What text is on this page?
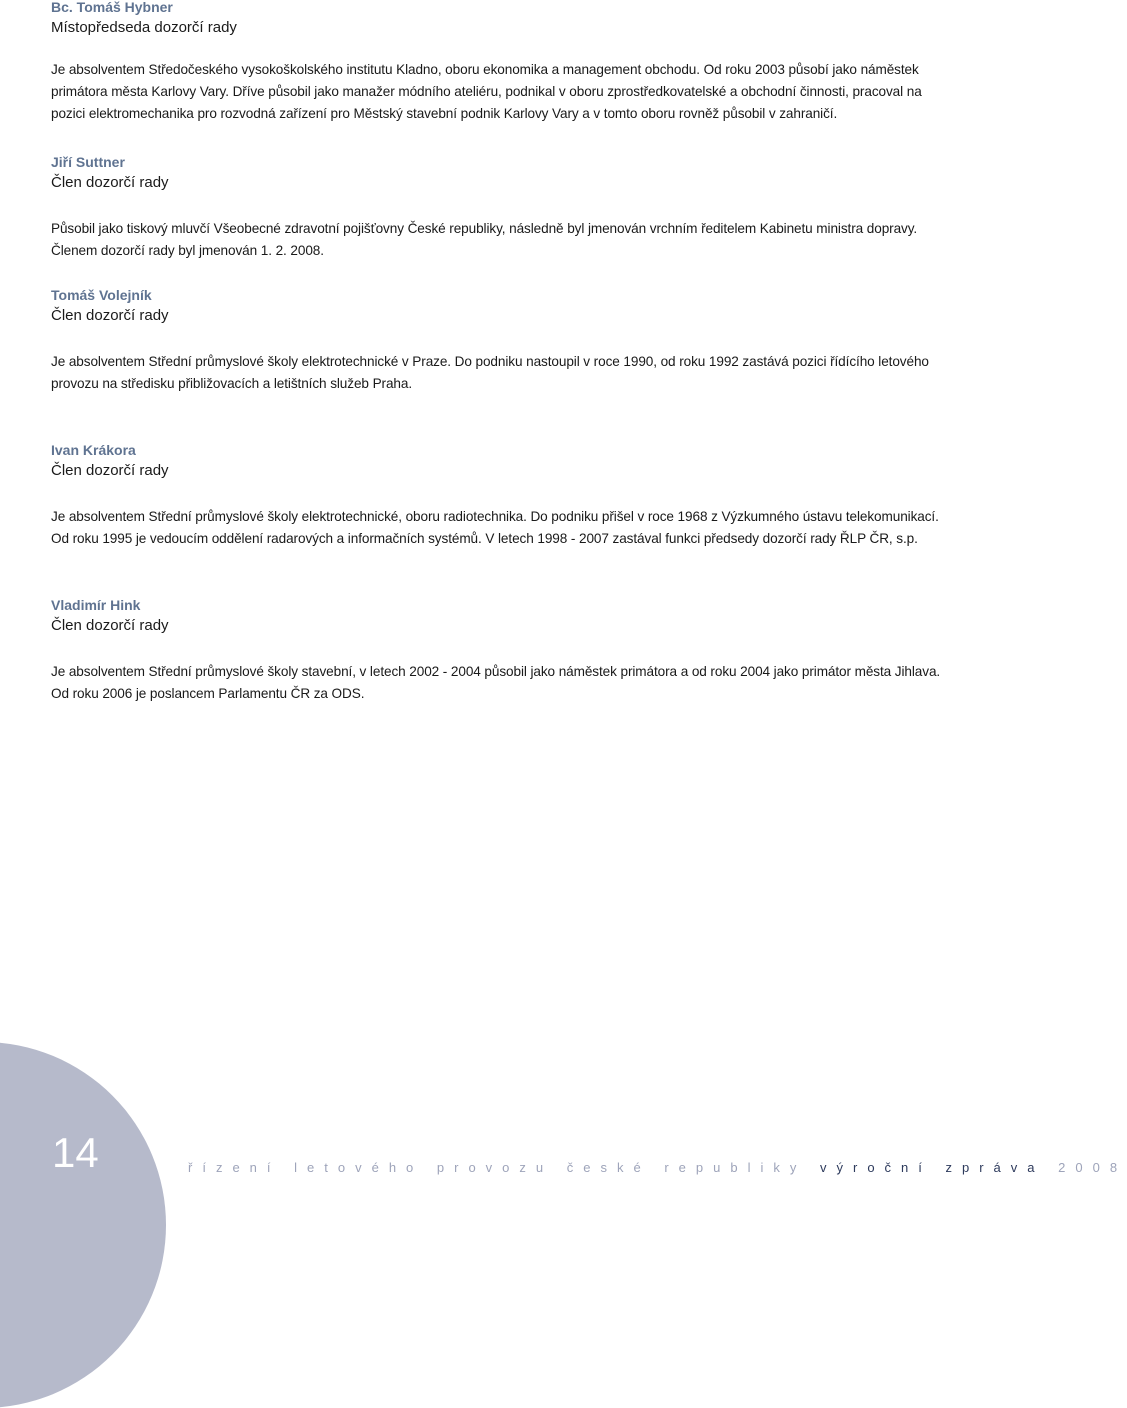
Bc. Tomáš Hybner
Místopředseda dozorčí rady

Je absolventem Středočeského vysokoškolského institutu Kladno, oboru ekonomika a management obchodu. Od roku 2003 působí jako náměstek primátora města Karlovy Vary. Dříve působil jako manažer módního ateliéru, podnikal v oboru zprostředkovatelské a obchodní činnosti, pracoval na pozici elektromechanika pro rozvodná zařízení pro Městský stavební podnik Karlovy Vary a v tomto oboru rovněž působil v zahraničí.

Jiří Suttner
Člen dozorčí rady

Působil jako tiskový mluvčí Všeobecné zdravotní pojišťovny České republiky, následně byl jmenován vrchním ředitelem Kabinetu ministra dopravy. Členem dozorčí rady byl jmenován 1. 2. 2008.

Tomáš Volejník
Člen dozorčí rady

Je absolventem Střední průmyslové školy elektrotechnické v Praze. Do podniku nastoupil v roce 1990, od roku 1992 zastává pozici řídícího letového provozu na středisku přibližovacích a letištních služeb Praha.

Ivan Krákora
Člen dozorčí rady

Je absolventem Střední průmyslové školy elektrotechnické, oboru radiotechnika. Do podniku přišel v roce 1968 z Výzkumného ústavu telekomunikací. Od roku 1995 je vedoucím oddělení radarových a informačních systémů. V letech 1998 - 2007 zastával funkci předsedy dozorčí rady ŘLP ČR, s.p.

Vladimír Hink
Člen dozorčí rady

Je absolventem Střední průmyslové školy stavební, v letech 2002 - 2004 působil jako náměstek primátora a od roku 2004 jako primátor města Jihlava. Od roku 2006 je poslancem Parlamentu ČR za ODS.

14	řízení letového provozu české republiky výroční zpráva 2008
